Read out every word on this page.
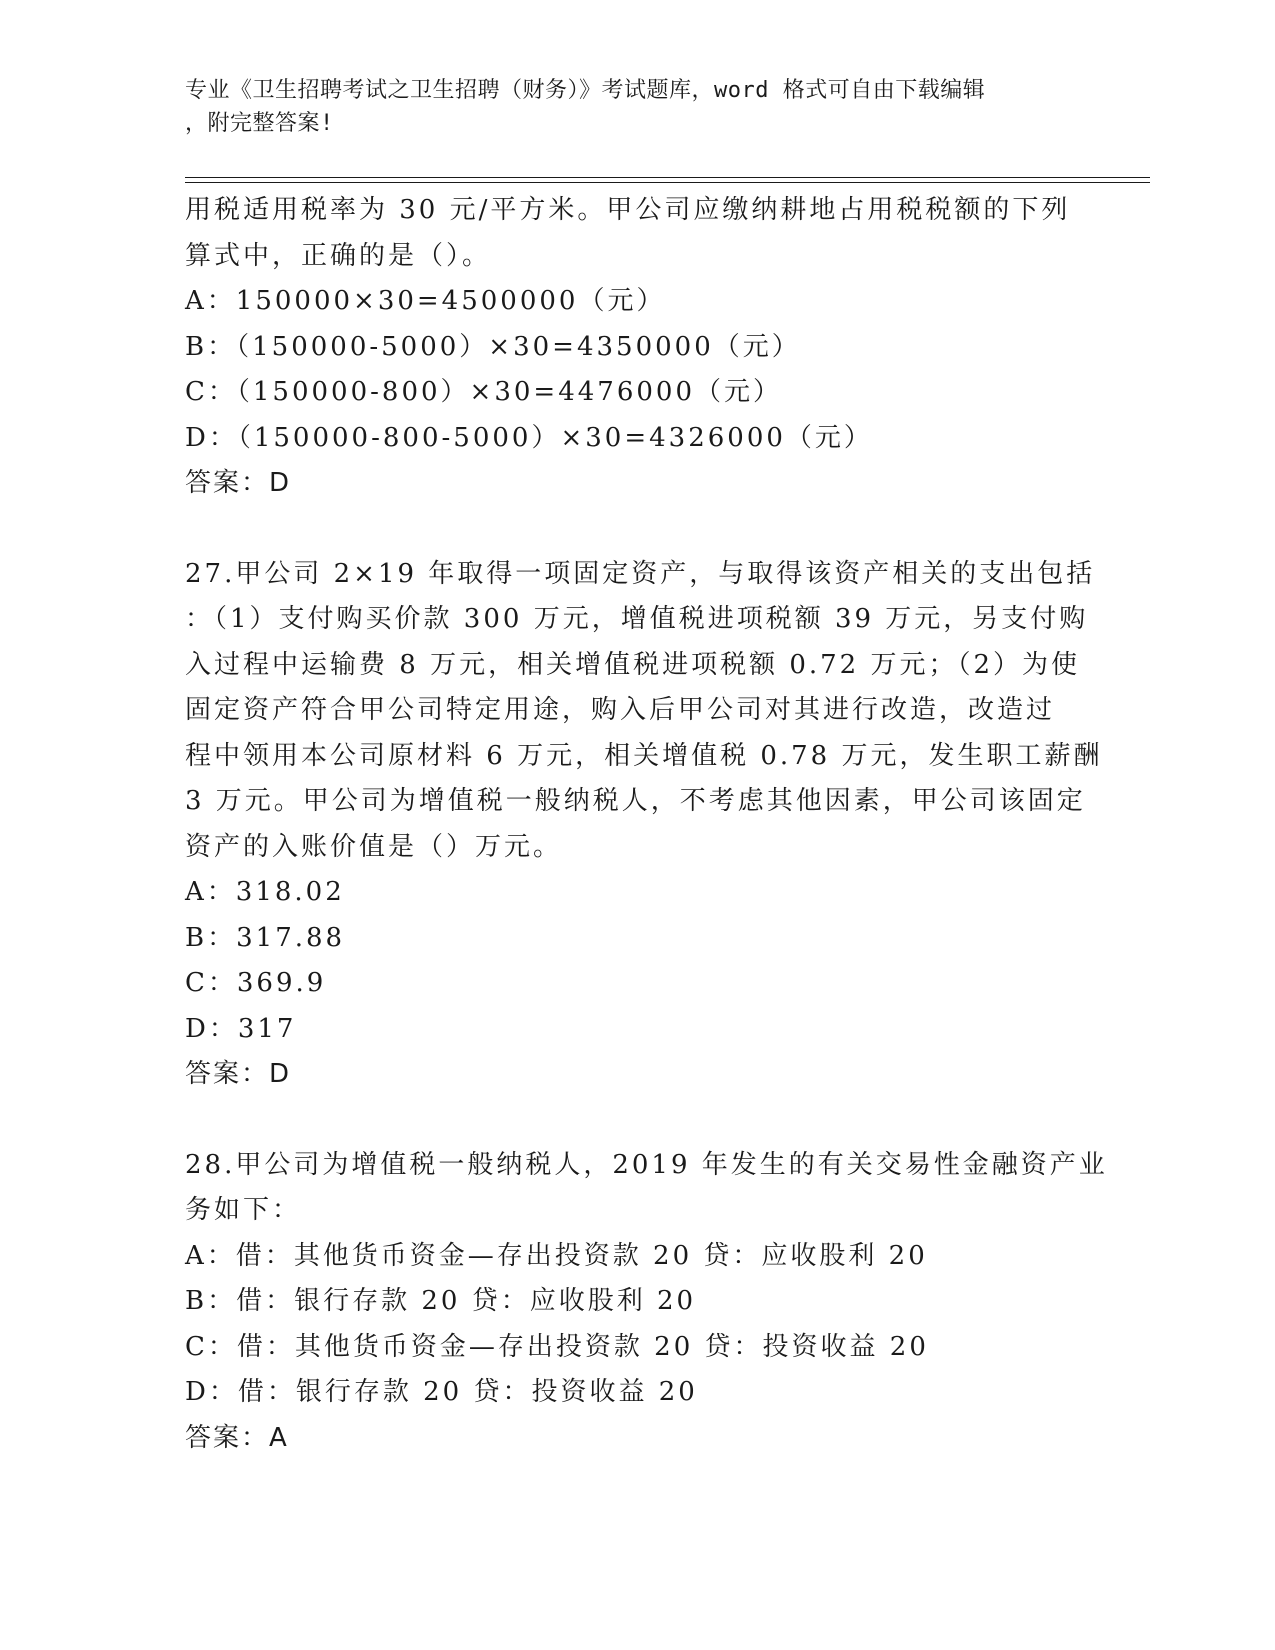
专业《卫生招聘考试之卫生招聘（财务）》考试题库，word 格式可自由下载编辑
，附完整答案!
用税适用税率为 30 元/平方米。甲公司应缴纳耕地占用税税额的下列
算式中，正确的是（）。
A：150000×30=4500000（元）
B：（150000-5000）×30=4350000（元）
C：（150000-800）×30=4476000（元）
D：（150000-800-5000）×30=4326000（元）
答案：D
27.甲公司 2×19 年取得一项固定资产，与取得该资产相关的支出包括
：（1）支付购买价款 300 万元，增值税进项税额 39 万元，另支付购
入过程中运输费 8 万元，相关增值税进项税额 0.72 万元；（2）为使
固定资产符合甲公司特定用途，购入后甲公司对其进行改造，改造过
程中领用本公司原材料 6 万元，相关增值税 0.78 万元，发生职工薪酬
3 万元。甲公司为增值税一般纳税人，不考虑其他因素，甲公司该固定
资产的入账价值是（）万元。
A：318.02
B：317.88
C：369.9
D：317
答案：D
28.甲公司为增值税一般纳税人，2019 年发生的有关交易性金融资产业
务如下：
A：借：其他货币资金—存出投资款 20 贷：应收股利 20
B：借：银行存款 20 贷：应收股利 20
C：借：其他货币资金—存出投资款 20 贷：投资收益 20
D：借：银行存款 20 贷：投资收益 20
答案：A
